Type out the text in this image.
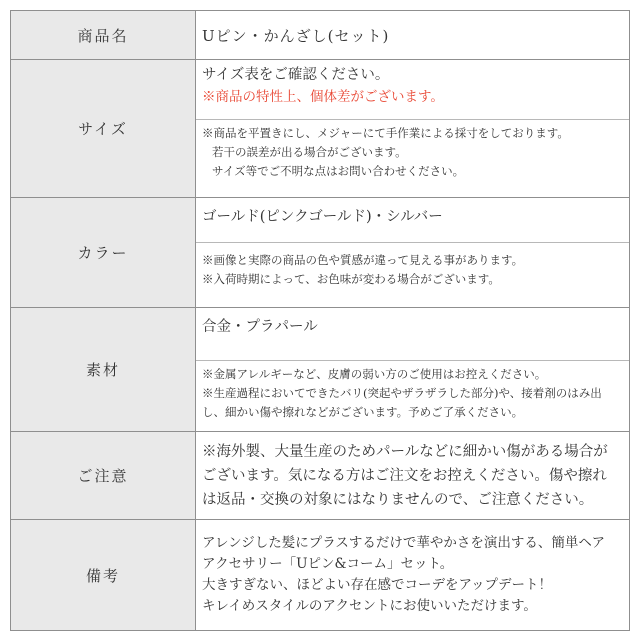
商品名	Uピン・かんざし(セット)
サイズ	サイズ表をご確認ください。
※商品の特性上、個体差がございます。

※商品を平置きにし、メジャーにて手作業による採寸をしております。

若干の誤差が出る場合がございます。

サイズ等でご不明な点はお問い合わせください。

カラー	ゴールド(ピンクゴールド)・シルバー

※画像と実際の商品の色や質感が違って見える事があります。

※入荷時期によって、お色味が変わる場合がございます。

素材	合金・プラパール

※金属アレルギーなど、皮膚の弱い方のご使用はお控えください。

※生産過程においてできたバリ(突起やザラザラした部分)や、接着剤のはみ出

し、細かい傷や擦れなどがございます。予めご了承ください。

ご注意	※海外製、大量生産のためパールなどに細かい傷がある場合が

ございます。気になる方はご注文をお控えください。傷や擦れ

は返品・交換の対象にはなりませんので、ご注意ください。

備考	アレンジした髪にプラスするだけで華やかさを演出する、簡単ヘア

アクセサリー「Uピン&コーム」セット。

大きすぎない、ほどよい存在感でコーデをアップデート！

キレイめスタイルのアクセントにお使いいただけます。
